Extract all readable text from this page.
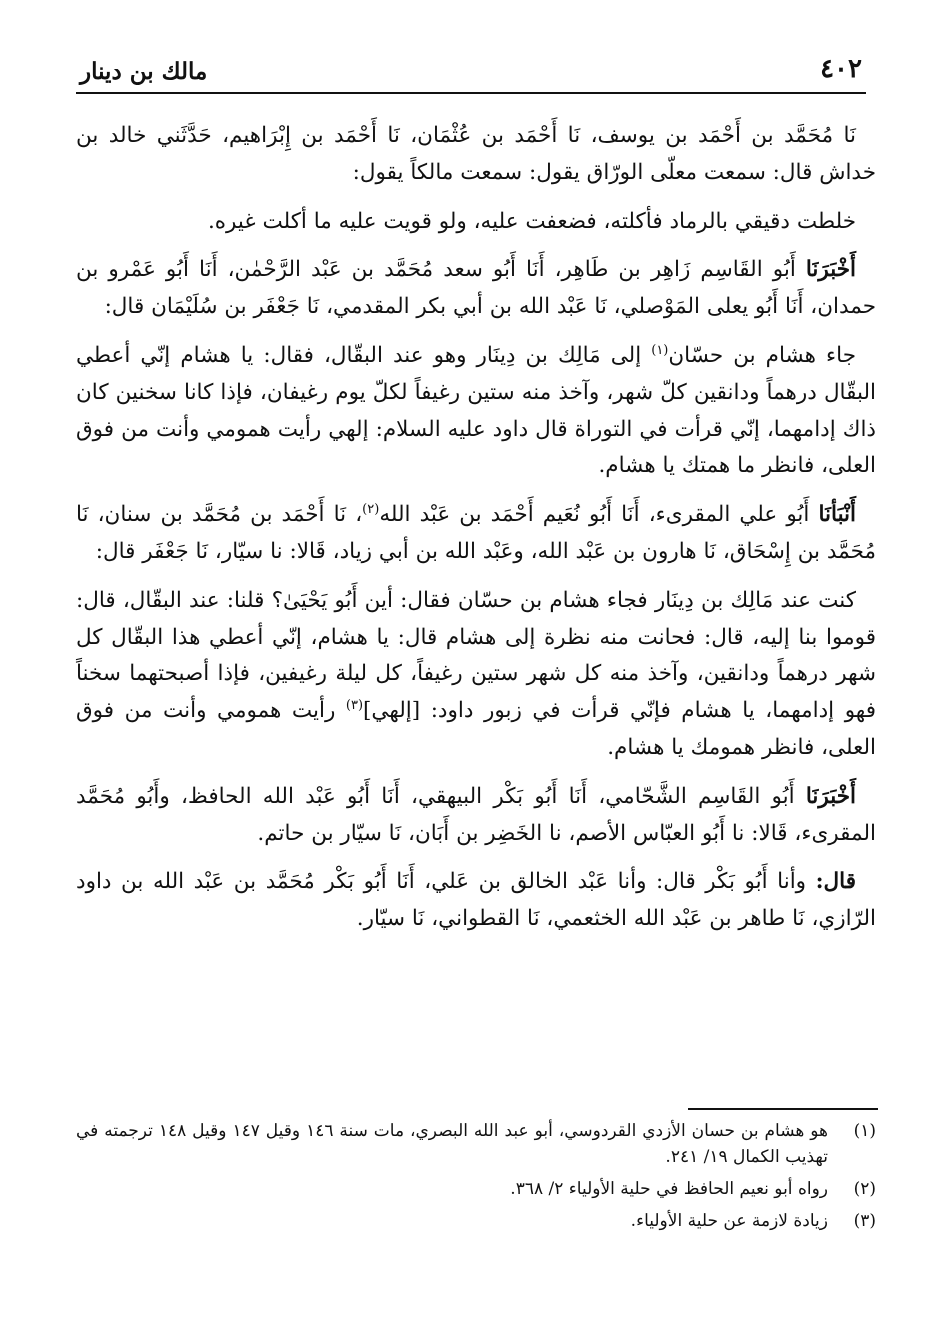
٤٠٢
مالك بن دينار

نَا مُحَمَّد بن أَحْمَد بن يوسف، نَا أَحْمَد بن عُثْمَان، نَا أَحْمَد بن إِبْرَاهيم، حَدَّثَني خالد بن خداش قال: سمعت معلّى الورّاق يقول: سمعت مالكاً يقول:

خلطت دقيقي بالرماد فأكلته، فضعفت عليه، ولو قويت عليه ما أكلت غيره.

أَخْبَرَنَا أَبُو القَاسِم زَاهِر بن طَاهِر، أَنَا أَبُو سعد مُحَمَّد بن عَبْد الرَّحْمٰن، أَنَا أَبُو عَمْرو بن حمدان، أَنَا أَبُو يعلى المَوْصلي، نَا عَبْد الله بن أبي بكر المقدمي، نَا جَعْفَر بن سُلَيْمَان قال:

جاء هشام بن حسّان$^{(١)}$ إلى مَالِك بن دِينَار وهو عند البقّال، فقال: يا هشام إنّي أعطي البقّال درهماً ودانقين كلّ شهر، وآخذ منه ستين رغيفاً لكلّ يوم رغيفان، فإذا كانا سخنين كان ذاك إدامهما، إنّي قرأت في التوراة قال داود عليه السلام: إلهي رأيت همومي وأنت من فوق العلى، فانظر ما همتك يا هشام.

أَنْبَأنَا أَبُو علي المقرىء، أَنَا أَبُو نُعَيم أَحْمَد بن عَبْد الله$^{(٢)}$، نَا أَحْمَد بن مُحَمَّد بن سنان، نَا مُحَمَّد بن إِسْحَاق، نَا هارون بن عَبْد الله، وعَبْد الله بن أبي زياد، قَالا: نا سيّار، نَا جَعْفَر قال:

كنت عند مَالِك بن دِينَار فجاء هشام بن حسّان فقال: أين أَبُو يَحْيَىٰ؟ قلنا: عند البقّال، قال: قوموا بنا إليه، قال: فحانت منه نظرة إلى هشام قال: يا هشام، إنّي أعطي هذا البقّال كل شهر درهماً ودانقين، وآخذ منه كل شهر ستين رغيفاً، كل ليلة رغيفين، فإذا أصبحتهما سخناً فهو إدامهما، يا هشام فإنّي قرأت في زبور داود: [إلهي]$^{(٣)}$ رأيت همومي وأنت من فوق العلى، فانظر همومك يا هشام.

أَخْبَرَنَا أَبُو القَاسِم الشَّحّامي، أَنَا أَبُو بَكْر البيهقي، أَنَا أَبُو عَبْد الله الحافظ، وأَبُو مُحَمَّد المقرىء، قَالا: نا أَبُو العبّاس الأصم، نا الخَضِر بن أَبَان، نَا سيّار بن حاتم.

قال: وأنا أَبُو بَكْر قال: وأنا عَبْد الخالق بن عَلي، أَنَا أَبُو بَكْر مُحَمَّد بن عَبْد الله بن داود الرّازي، نَا طاهر بن عَبْد الله الخثعمي، نَا القطواني، نَا سيّار.

(١)
هو هشام بن حسان الأزدي القردوسي، أبو عبد الله البصري، مات سنة ١٤٦ وقيل ١٤٧ وقيل ١٤٨ ترجمته في تهذيب الكمال ١٩/ ٢٤١.
(٢)
رواه أبو نعيم الحافظ في حلية الأولياء ٢/ ٣٦٨.
(٣)
زيادة لازمة عن حلية الأولياء.
